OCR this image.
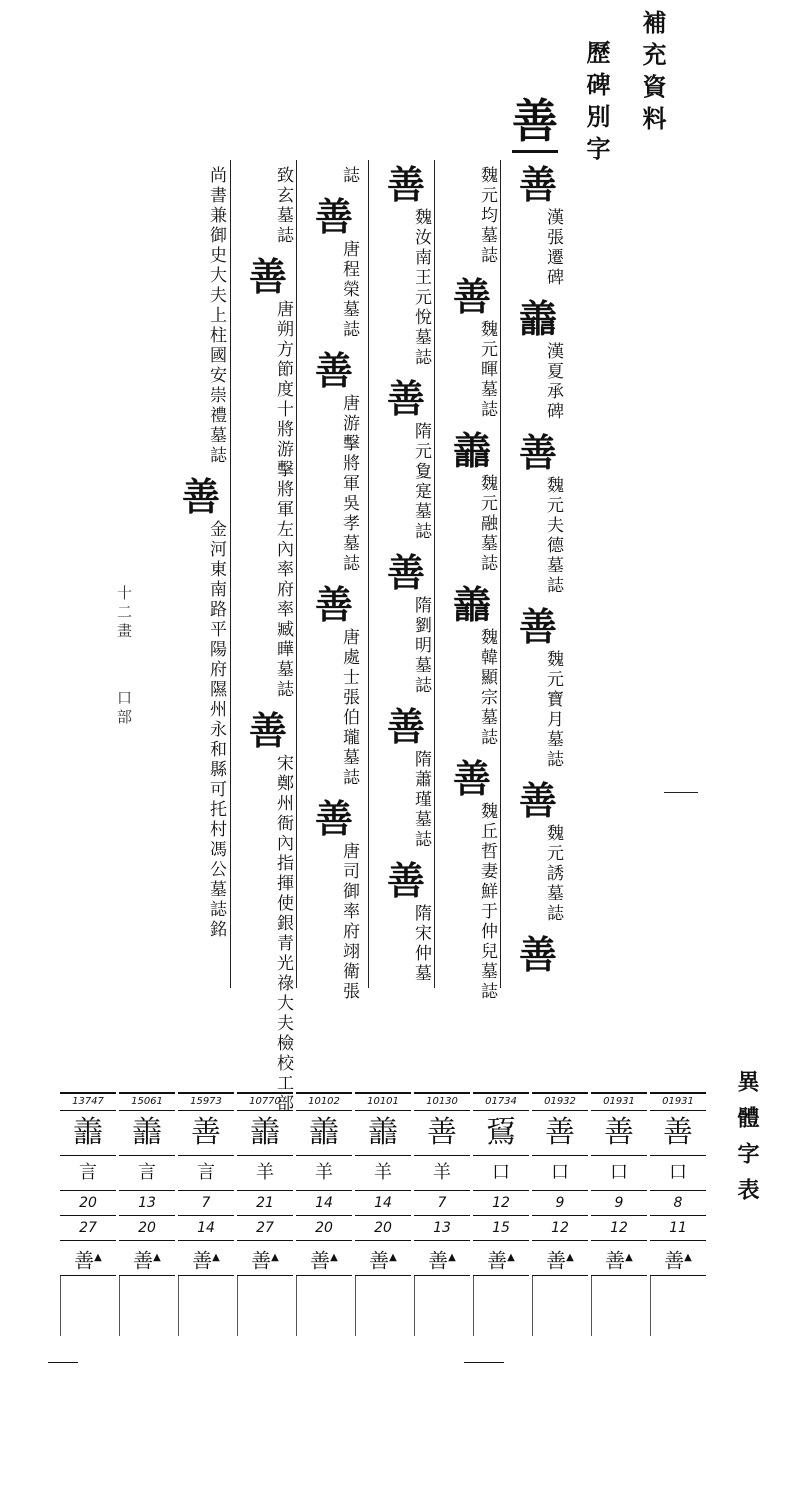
補充資料
歷碑別字
善
善
漢張遷碑
譱
漢夏承碑
善
魏元夫德墓誌
善
魏元寶月墓誌
善
魏元誘墓誌
善
魏元均墓誌
善
魏元暉墓誌
譱
魏元融墓誌
譱
魏韓顯宗墓誌
善
魏丘哲妻鮮于仲兒墓誌
善
魏汝南王元悅墓誌
善
隋元夐寔墓誌
善
隋劉明墓誌
善
隋蕭瑾墓誌
善
隋宋仲墓
誌
善
唐程榮墓誌
善
唐游擊將軍吳孝墓誌
善
唐處士張伯瓏墓誌
善
唐司御率府翊衛張
致玄墓誌
善
唐朔方節度十將游擊將軍左內率府率臧曄墓誌
善
宋鄭州衙內指揮使銀青光祿大夫檢校工部
尚書兼御史大夫上柱國安崇禮墓誌
善
金河東南路平陽府隰州永和縣可托村馮公墓誌銘
十二畫
口部
異體字表
01931
善
口
8
11
善▲
01931
善
口
9
12
善▲
01932
善
口
9
12
善▲
01734
䲾
口
12
15
善▲
10130
善
羊
7
13
善▲
10101
譱
羊
14
20
善▲
10102
譱
羊
14
20
善▲
10770
譱
羊
21
27
善▲
15973
善
言
7
14
善▲
15061
譱
言
13
20
善▲
13747
譱
言
20
27
善▲
